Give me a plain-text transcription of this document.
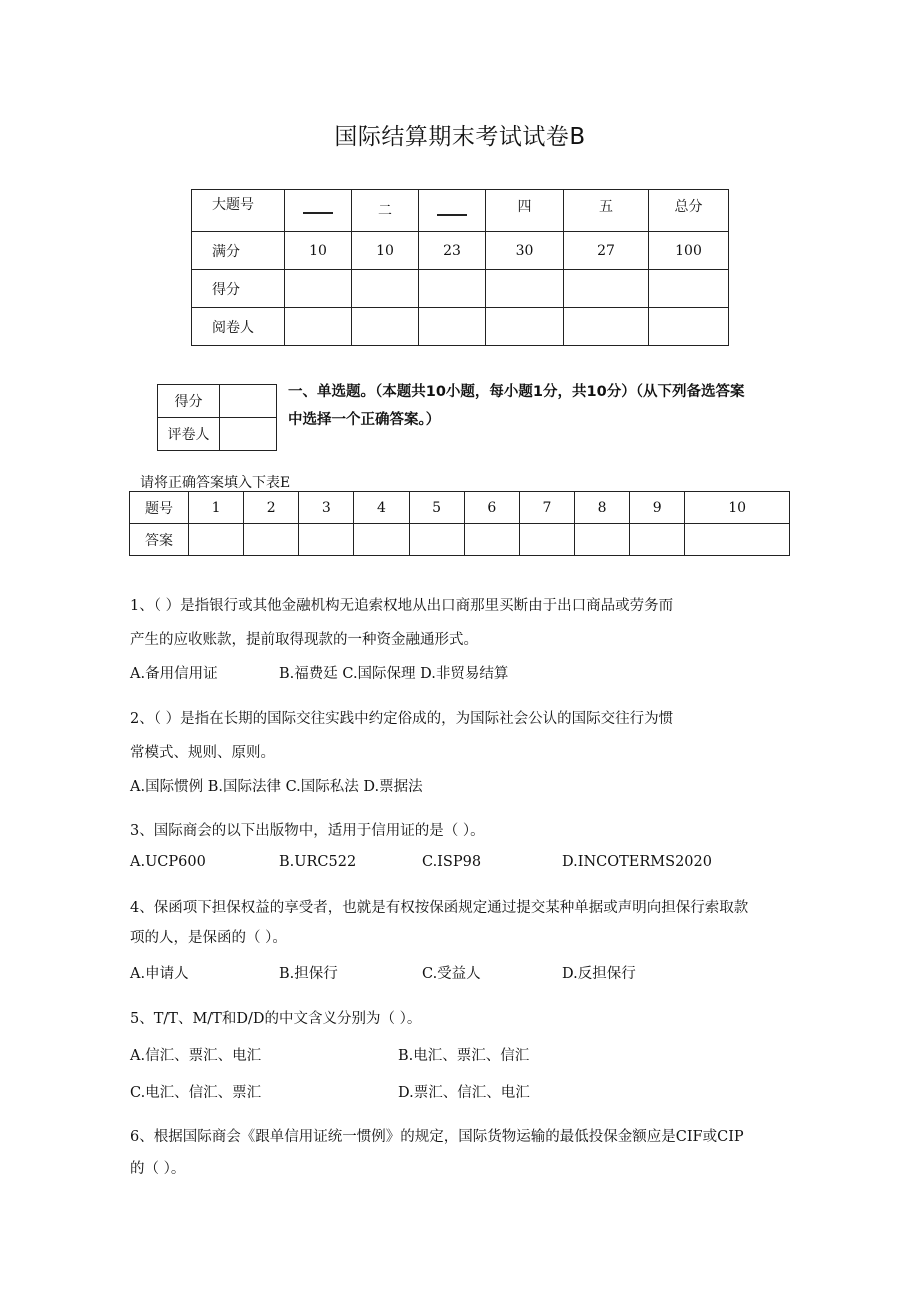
国际结算期末考试试卷B
大题号		二		四	五	总分
满分	10	10	23	30	27	100
得分						
阅卷人						
得分	
评卷人	
一、单选题。（本题共10小题，每小题1分，共10分）（从下列备选答案
中选择一个正确答案。）
请将正确答案填入下表E
题号	1	2	3	4	5	6	7	8	9	10
答案										
1、（ ）是指银行或其他金融机构无追索权地从出口商那里买断由于出口商品或劳务而
产生的应收账款，提前取得现款的一种资金融通形式。
A.备用信用证	B.福费廷 C.国际保理 D.非贸易结算
2、（ ）是指在长期的国际交往实践中约定俗成的，为国际社会公认的国际交往行为惯
常模式、规则、原则。
A.国际惯例 B.国际法律 C.国际私法 D.票据法
3、国际商会的以下出版物中，适用于信用证的是（ ）。
A.UCP600	B.URC522	C.ISP98	D.INCOTERMS2020
4、保函项下担保权益的享受者，也就是有权按保函规定通过提交某种单据或声明向担保行索取款
项的人，是保函的（ ）。
A.申请人	B.担保行	C.受益人	D.反担保行
5、T/T、M/T和D/D的中文含义分别为（ ）。
A.信汇、票汇、电汇	B.电汇、票汇、信汇
C.电汇、信汇、票汇	D.票汇、信汇、电汇
6、根据国际商会《跟单信用证统一惯例》的规定，国际货物运输的最低投保金额应是CIF或CIP
的（ ）。
